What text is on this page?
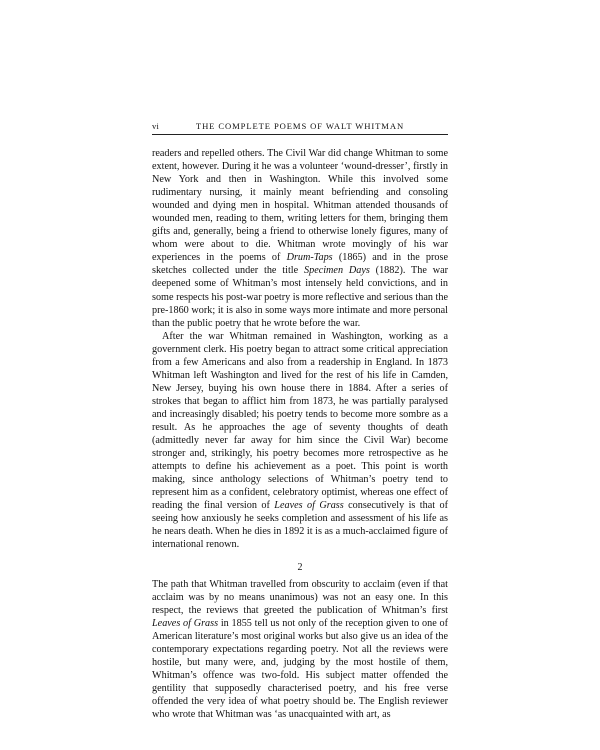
vi	THE COMPLETE POEMS OF WALT WHITMAN

readers and repelled others. The Civil War did change Whitman to some extent, however. During it he was a volunteer ‘wound-dresser’, firstly in New York and then in Washington. While this involved some rudimentary nursing, it mainly meant befriending and consoling wounded and dying men in hospital. Whitman attended thousands of wounded men, reading to them, writing letters for them, bringing them gifts and, generally, being a friend to otherwise lonely figures, many of whom were about to die. Whitman wrote movingly of his war experiences in the poems of Drum-Taps (1865) and in the prose sketches collected under the title Specimen Days (1882). The war deepened some of Whitman’s most intensely held convictions, and in some respects his post-war poetry is more reflective and serious than the pre-1860 work; it is also in some ways more intimate and more personal than the public poetry that he wrote before the war.

After the war Whitman remained in Washington, working as a government clerk. His poetry began to attract some critical appreciation from a few Americans and also from a readership in England. In 1873 Whitman left Washington and lived for the rest of his life in Camden, New Jersey, buying his own house there in 1884. After a series of strokes that began to afflict him from 1873, he was partially paralysed and increasingly disabled; his poetry tends to become more sombre as a result. As he approaches the age of seventy thoughts of death (admittedly never far away for him since the Civil War) become stronger and, strikingly, his poetry becomes more retrospective as he attempts to define his achievement as a poet. This point is worth making, since anthology selections of Whitman’s poetry tend to represent him as a confident, celebratory optimist, whereas one effect of reading the final version of Leaves of Grass consecutively is that of seeing how anxiously he seeks completion and assessment of his life as he nears death. When he dies in 1892 it is as a much-acclaimed figure of international renown.

2

The path that Whitman travelled from obscurity to acclaim (even if that acclaim was by no means unanimous) was not an easy one. In this respect, the reviews that greeted the publication of Whitman’s first Leaves of Grass in 1855 tell us not only of the reception given to one of American literature’s most original works but also give us an idea of the contemporary expectations regarding poetry. Not all the reviews were hostile, but many were, and, judging by the most hostile of them, Whitman’s offence was two-fold. His subject matter offended the gentility that supposedly characterised poetry, and his free verse offended the very idea of what poetry should be. The English reviewer who wrote that Whitman was ‘as unacquainted with art, as
